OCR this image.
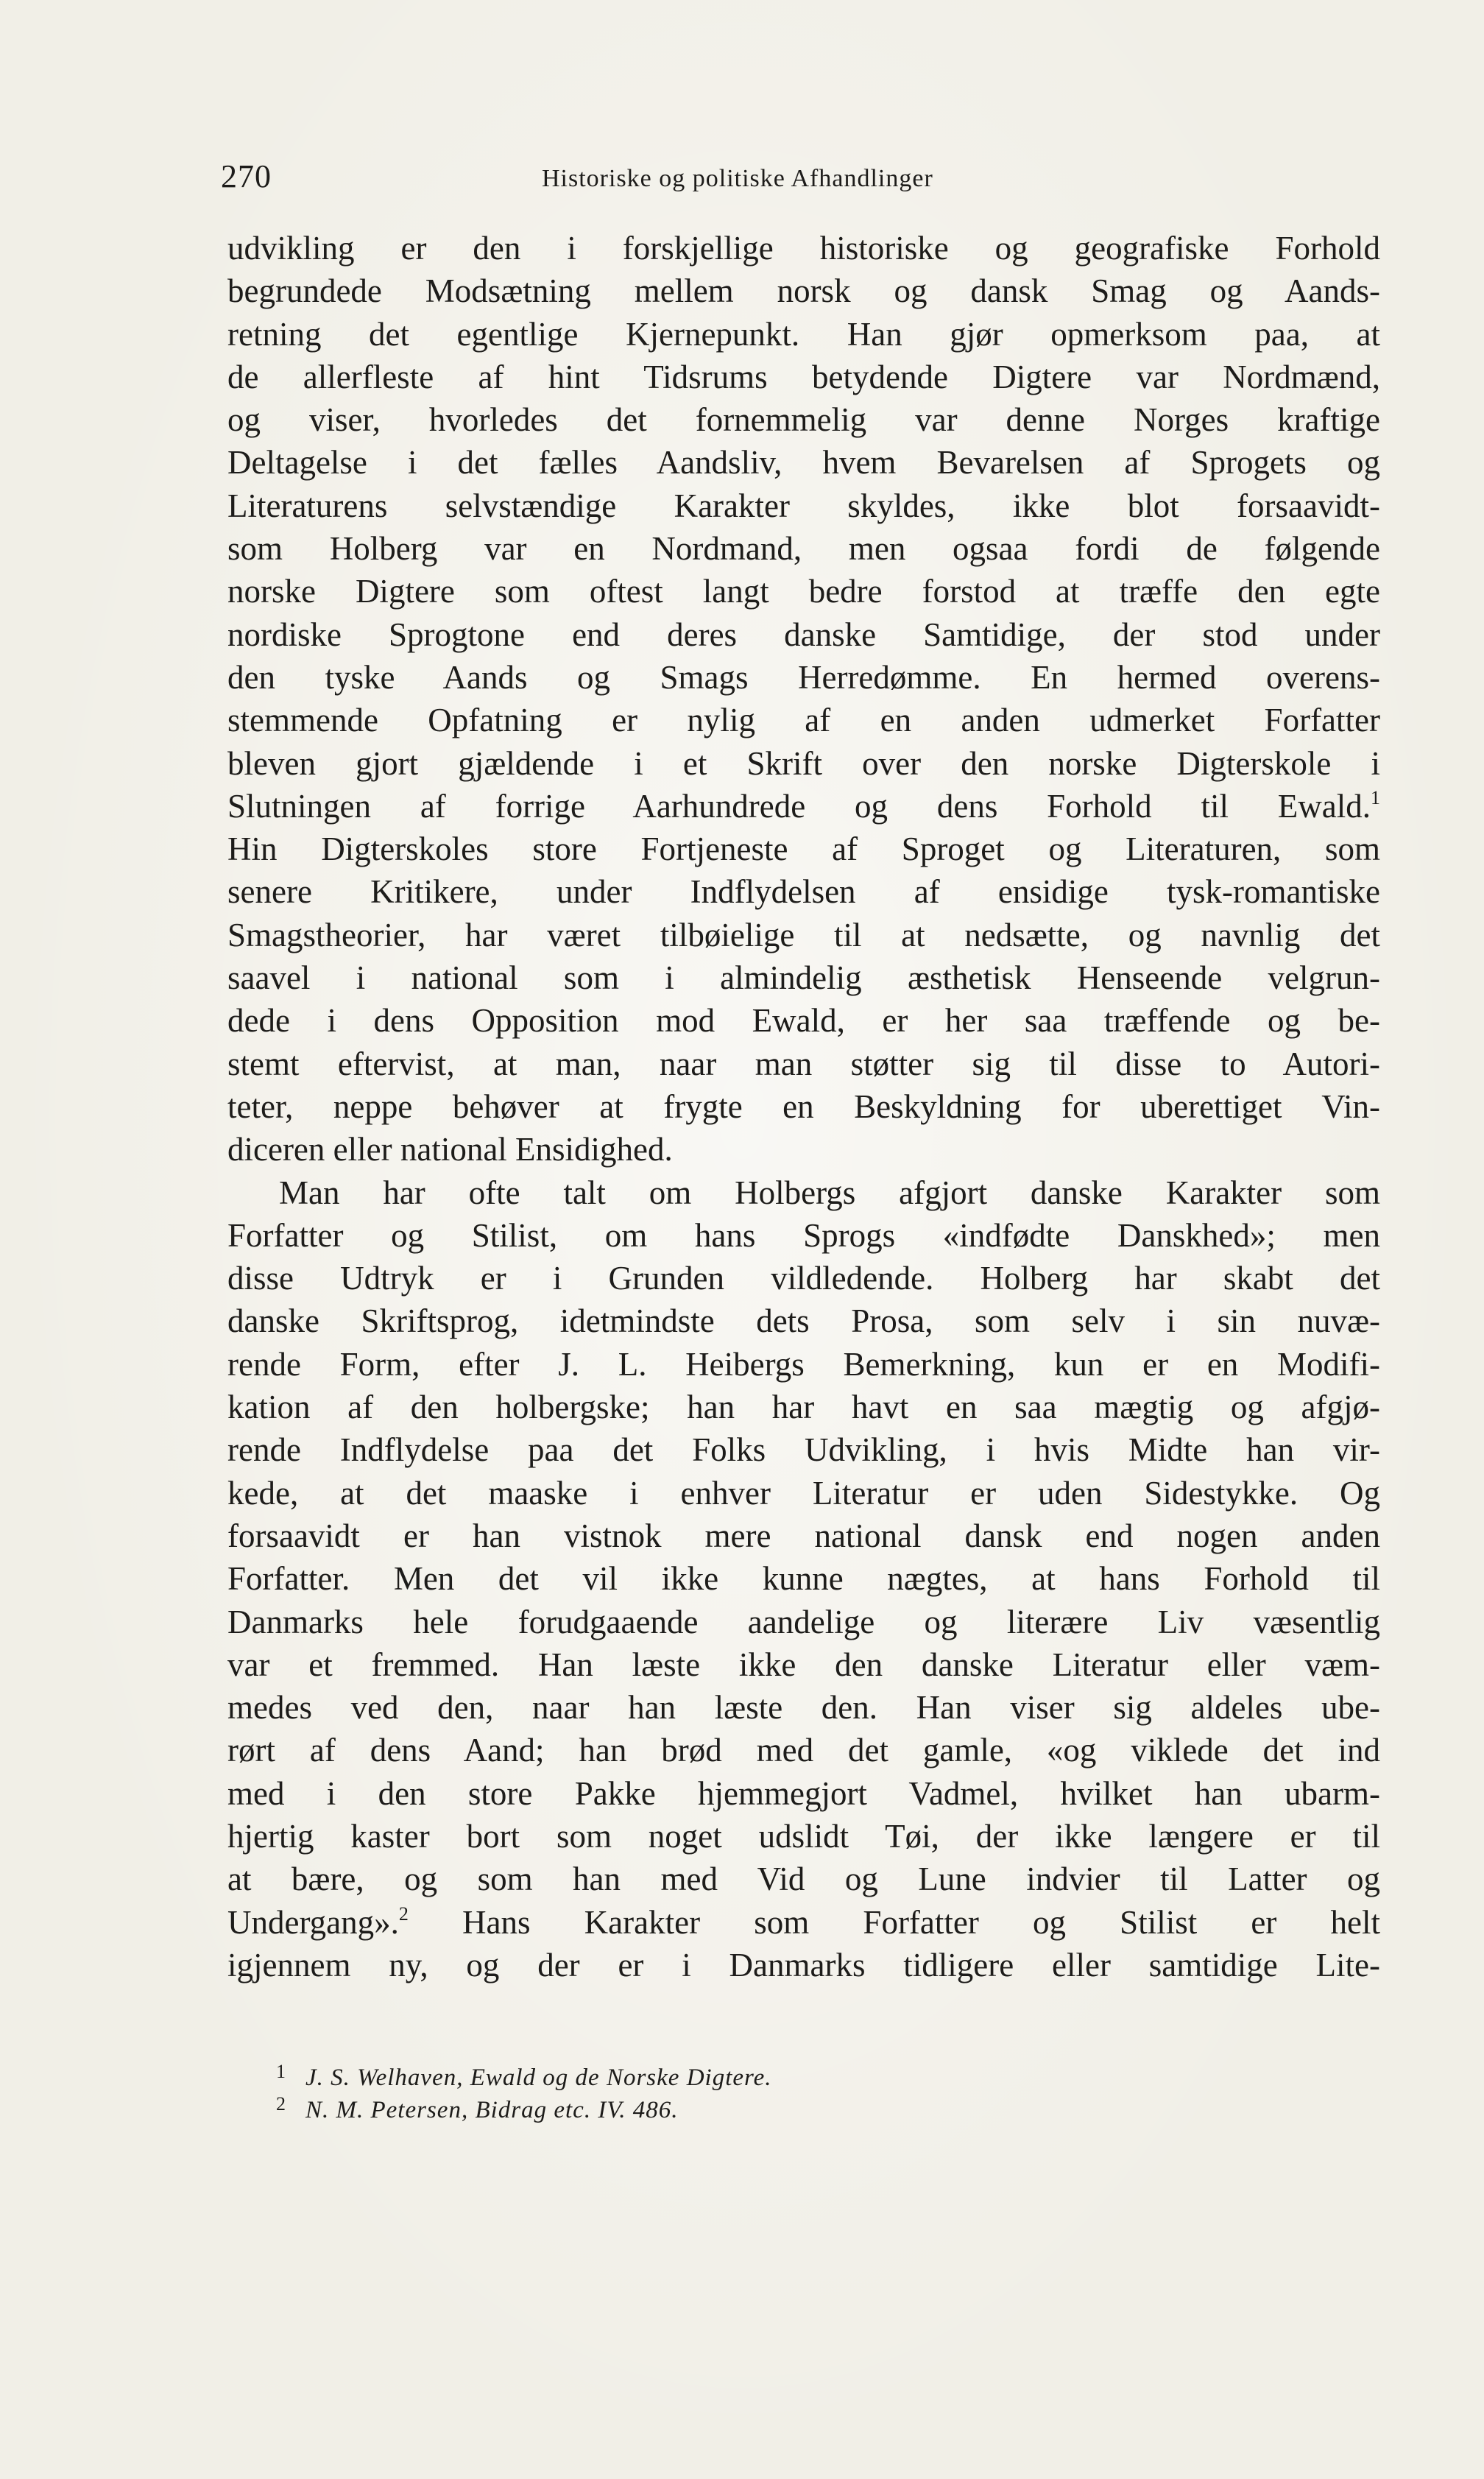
270	Historiske og politiske Afhandlinger
udvikling er den i forskjellige historiske og geografiske Forhold
begrundede Modsætning mellem norsk og dansk Smag og Aands-
retning det egentlige Kjernepunkt. Han gjør opmerksom paa, at
de allerfleste af hint Tidsrums betydende Digtere var Nordmænd,
og viser, hvorledes det fornemmelig var denne Norges kraftige
Deltagelse i det fælles Aandsliv, hvem Bevarelsen af Sprogets og
Literaturens selvstændige Karakter skyldes, ikke blot forsaavidt-
som Holberg var en Nordmand, men ogsaa fordi de følgende
norske Digtere som oftest langt bedre forstod at træffe den egte
nordiske Sprogtone end deres danske Samtidige, der stod under
den tyske Aands og Smags Herredømme. En hermed overens-
stemmende Opfatning er nylig af en anden udmerket Forfatter
bleven gjort gjældende i et Skrift over den norske Digterskole i
Slutningen af forrige Aarhundrede og dens Forhold til Ewald.$^1$
Hin Digterskoles store Fortjeneste af Sproget og Literaturen, som
senere Kritikere, under Indflydelsen af ensidige tysk-romantiske
Smagstheorier, har været tilbøielige til at nedsætte, og navnlig det
saavel i national som i almindelig æsthetisk Henseende velgrun-
dede i dens Opposition mod Ewald, er her saa træffende og be-
stemt eftervist, at man, naar man støtter sig til disse to Autori-
teter, neppe behøver at frygte en Beskyldning for uberettiget Vin-
diceren eller national Ensidighed.
Man har ofte talt om Holbergs afgjort danske Karakter som
Forfatter og Stilist, om hans Sprogs «indfødte Danskhed»; men
disse Udtryk er i Grunden vildledende. Holberg har skabt det
danske Skriftsprog, idetmindste dets Prosa, som selv i sin nuvæ-
rende Form, efter J. L. Heibergs Bemerkning, kun er en Modifi-
kation af den holbergske; han har havt en saa mægtig og afgjø-
rende Indflydelse paa det Folks Udvikling, i hvis Midte han vir-
kede, at det maaske i enhver Literatur er uden Sidestykke. Og
forsaavidt er han vistnok mere national dansk end nogen anden
Forfatter. Men det vil ikke kunne nægtes, at hans Forhold til
Danmarks hele forudgaaende aandelige og literære Liv væsentlig
var et fremmed. Han læste ikke den danske Literatur eller væm-
medes ved den, naar han læste den. Han viser sig aldeles ube-
rørt af dens Aand; han brød med det gamle, «og viklede det ind
med i den store Pakke hjemmegjort Vadmel, hvilket han ubarm-
hjertig kaster bort som noget udslidt Tøi, der ikke længere er til
at bære, og som han med Vid og Lune indvier til Latter og
Undergang».$^2$ Hans Karakter som Forfatter og Stilist er helt
igjennem ny, og der er i Danmarks tidligere eller samtidige Lite-
1 J. S. Welhaven, Ewald og de Norske Digtere.
2 N. M. Petersen, Bidrag etc. IV. 486.
